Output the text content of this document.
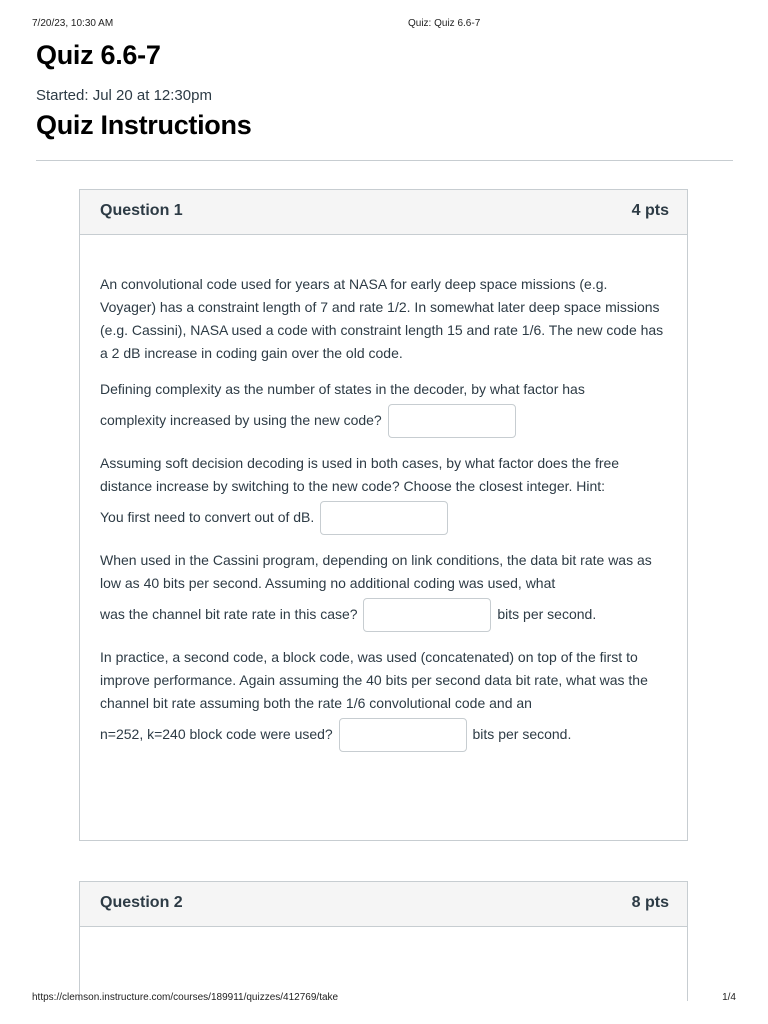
7/20/23, 10:30 AM	Quiz: Quiz 6.6-7
Quiz 6.6-7
Started: Jul 20 at 12:30pm
Quiz Instructions
Question 1	4 pts

An convolutional code used for years at NASA for early deep space missions (e.g. Voyager) has a constraint length of 7 and rate 1/2. In somewhat later deep space missions (e.g. Cassini), NASA used a code with constraint length 15 and rate 1/6. The new code has a 2 dB increase in coding gain over the old code.

Defining complexity as the number of states in the decoder, by what factor has
complexity increased by using the new code?

Assuming soft decision decoding is used in both cases, by what factor does the free distance increase by switching to the new code? Choose the closest integer. Hint:
You first need to convert out of dB.

When used in the Cassini program, depending on link conditions, the data bit rate was as low as 40 bits per second. Assuming no additional coding was used, what
was the channel bit rate rate in this case?	bits per second.

In practice, a second code, a block code, was used (concatenated) on top of the first to improve performance. Again assuming the 40 bits per second data bit rate, what was the channel bit rate assuming both the rate 1/6 convolutional code and an
n=252, k=240 block code were used?	bits per second.

Question 2	8 pts
https://clemson.instructure.com/courses/189911/quizzes/412769/take	1/4
